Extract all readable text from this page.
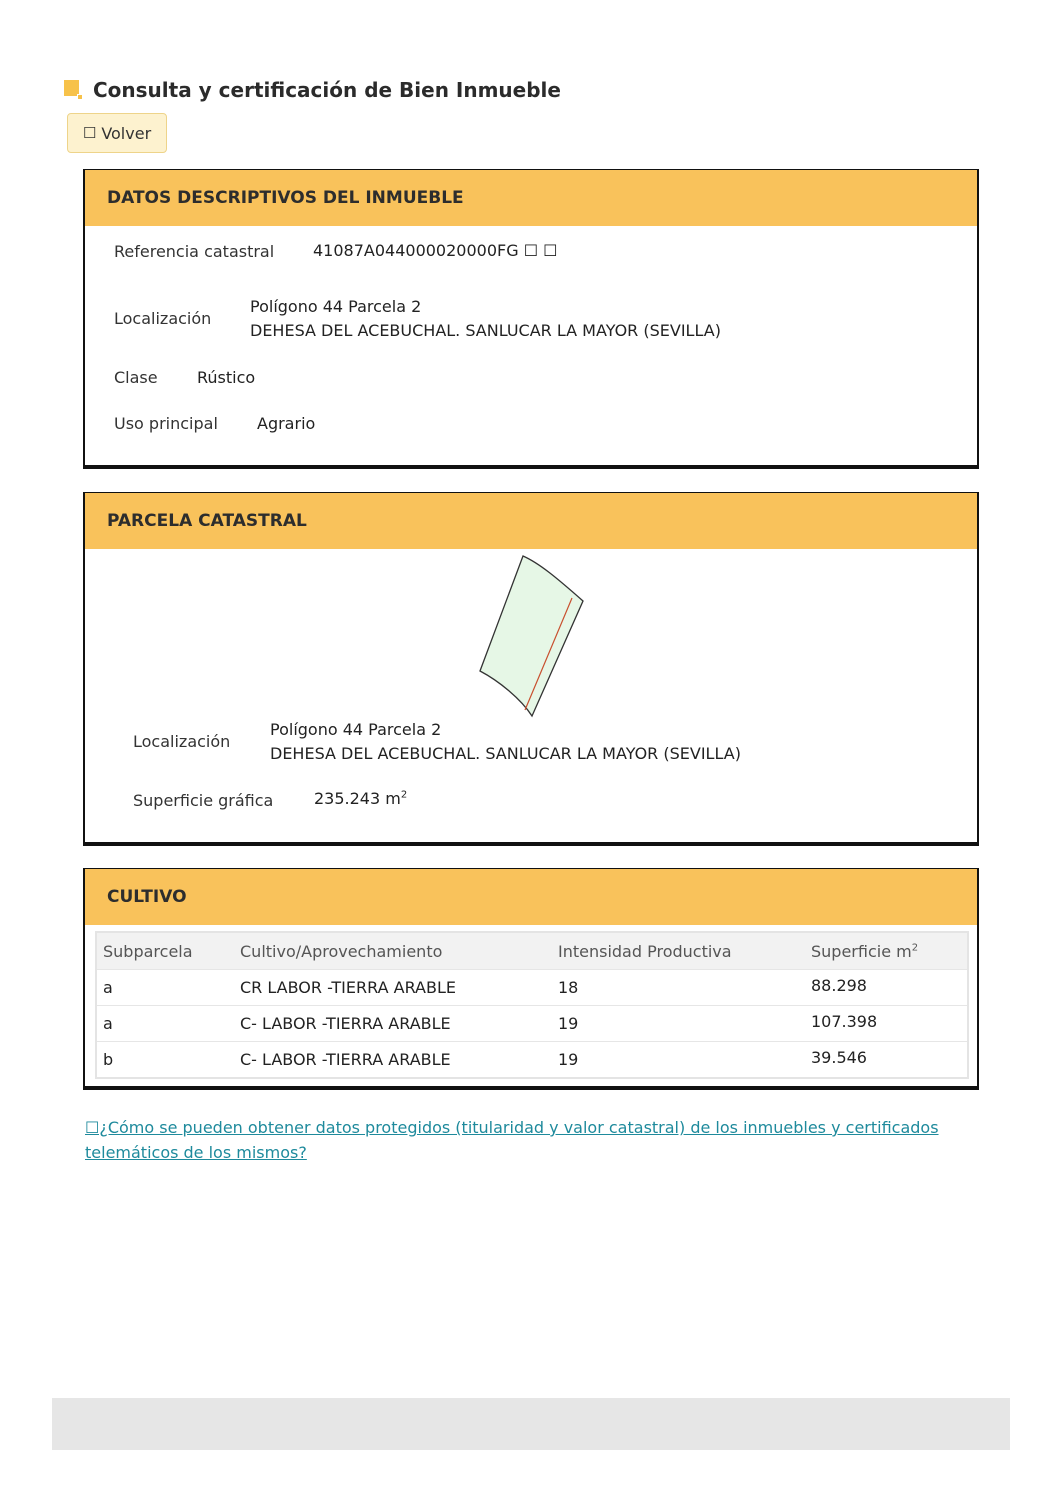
Consulta y certificación de Bien Inmueble
☐ Volver
DATOS DESCRIPTIVOS DEL INMUEBLE
Referencia catastral 41087A044000020000FG ☐ ☐
Localización
Polígono 44 Parcela 2
DEHESA DEL ACEBUCHAL. SANLUCAR LA MAYOR (SEVILLA)
Clase Rústico
Uso principal Agrario
PARCELA CATASTRAL
Localización
Polígono 44 Parcela 2
DEHESA DEL ACEBUCHAL. SANLUCAR LA MAYOR (SEVILLA)
Superficie gráfica	235.243 $m^2$
CULTIVO
Subparcela	Cultivo/Aprovechamiento	Intensidad Productiva	Superficie $m^2$
a	CR LABOR -TIERRA ARABLE	18	88.298
a	C- LABOR -TIERRA ARABLE	19	107.398
b	C- LABOR -TIERRA ARABLE	19	39.546
☐¿Cómo se pueden obtener datos protegidos (titularidad y valor catastral) de los inmuebles y certificados telemáticos de los mismos?
